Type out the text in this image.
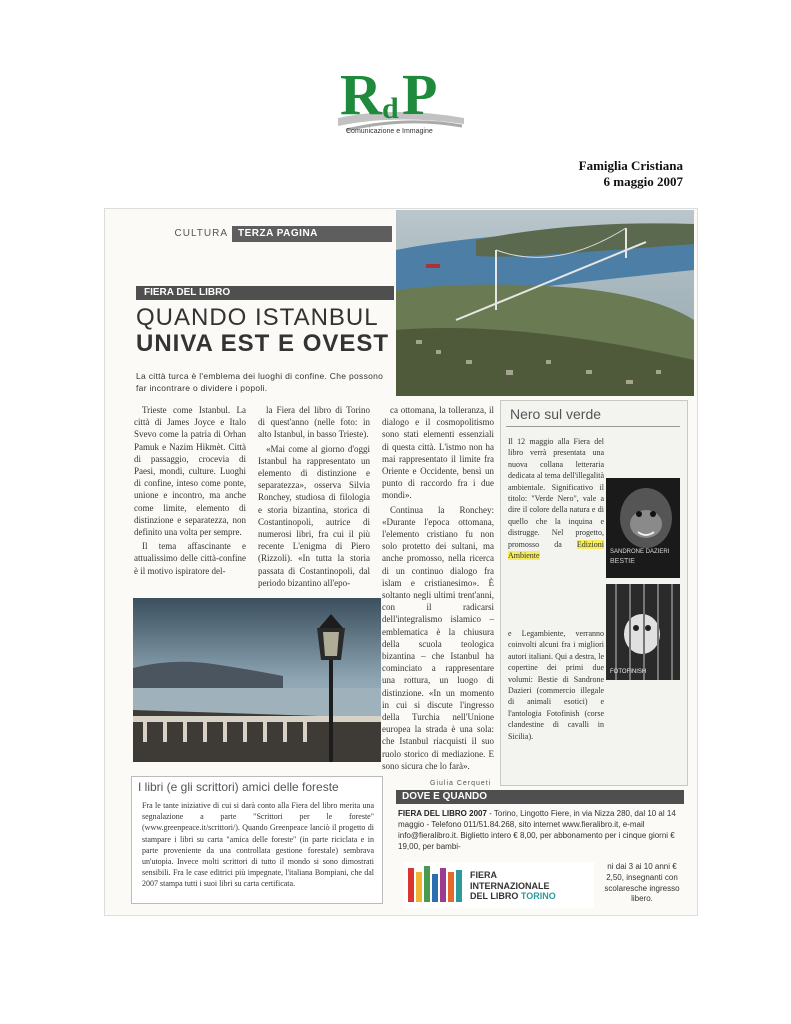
R d P
Comunicazione e Immagine
Famiglia Cristiana
6 maggio 2007
CULTURA	TERZA PAGINA
FIERA DEL LIBRO
QUANDO ISTANBUL
UNIVA EST E OVEST
La città turca è l'emblema dei luoghi di confine. Che possono far incontrare o dividere i popoli.

Trieste come Istanbul. La città di James Joyce e Italo Svevo come la patria di Orhan Pamuk e Nazim Hikmèt. Città di passaggio, crocevia di Paesi, mondi, culture. Luoghi di confine, inteso come ponte, unione e incontro, ma anche come limite, elemento di distinzione e separatezza, non definito una volta per sempre.

Il tema affascinante e attualissimo delle città-confine è il motivo ispiratore del-

la Fiera del libro di Torino di quest'anno (nelle foto: in alto Istanbul, in basso Trieste).

«Mai come al giorno d'oggi Istanbul ha rappresentato un elemento di distinzione e separatezza», osserva Silvia Ronchey, studiosa di filologia e storia bizantina, storica di Costantinopoli, autrice di numerosi libri, fra cui il più recente L'enigma di Piero (Rizzoli). «In tutta la storia passata di Costantinopoli, dal periodo bizantino all'epo-

ca ottomana, la tolleranza, il dialogo e il cosmopolitismo sono stati elementi essenziali di questa città. L'istmo non ha mai rappresentato il limite fra Oriente e Occidente, bensì un punto di raccordo fra i due mondi».

Continua la Ronchey: «Durante l'epoca ottomana, l'elemento cristiano fu non solo protetto dei sultani, ma anche promosso, nella ricerca di un continuo dialogo fra islam e cristianesimo». È soltanto negli ultimi trent'anni, con il radicarsi dell'integralismo islamico – emblematica è la chiusura della scuola teologica bizantina – che Istanbul ha cominciato a rappresentare una rottura, un luogo di distinzione. «In un momento in cui si discute l'ingresso della Turchia nell'Unione europea la strada è una sola: che Istanbul riacquisti il suo ruolo storico di mediazione. E sono sicura che lo farà».

Giulia Cerqueti
Nero sul verde
Il 12 maggio alla Fiera del libro verrà presentata una nuova collana letteraria dedicata al tema dell'illegalità ambientale. Significativo il titolo: "Verde Nero", vale a dire il colore della natura e di quello che la inquina e distrugge. Nel progetto, promosso da Edizioni Ambiente
e Legambiente, verranno coinvolti alcuni fra i migliori autori italiani. Qui a destra, le copertine dei primi due volumi: Bestie di Sandrone Dazieri (commercio illegale di animali esotici) e l'antologia Fotofinish (corse clandestine di cavalli in Sicilia).
SANDRONE DAZIERI
BESTIE
FOTOFINISH
I libri (e gli scrittori) amici delle foreste
Fra le tante iniziative di cui si darà conto alla Fiera del libro merita una segnalazione a parte "Scrittori per le foreste" (www.greenpeace.it/scrittori/). Quando Greenpeace lanciò il progetto di stampare i libri su carta "amica delle foreste" (in parte riciclata e in parte proveniente da una controllata gestione forestale) sembrava un'utopia. Invece molti scrittori di tutto il mondo si sono dimostrati sensibili. Fra le case editrici più impegnate, l'italiana Bompiani, che dal 2007 stampa tutti i suoi libri su carta certificata.
DOVE E QUANDO
FIERA DEL LIBRO 2007 - Torino, Lingotto Fiere, in via Nizza 280, dal 10 al 14 maggio - Telefono 011/51.84.268, sito internet www.fieralibro.it, e-mail info@fieralibro.it. Biglietto intero € 8,00, per abbonamento per i cinque giorni € 19,00, per bambi-
ni dai 3 ai 10 anni € 2,50, insegnanti con scolaresche ingresso libero.
FIERA
INTERNAZIONALE
DEL LIBRO TORINO
